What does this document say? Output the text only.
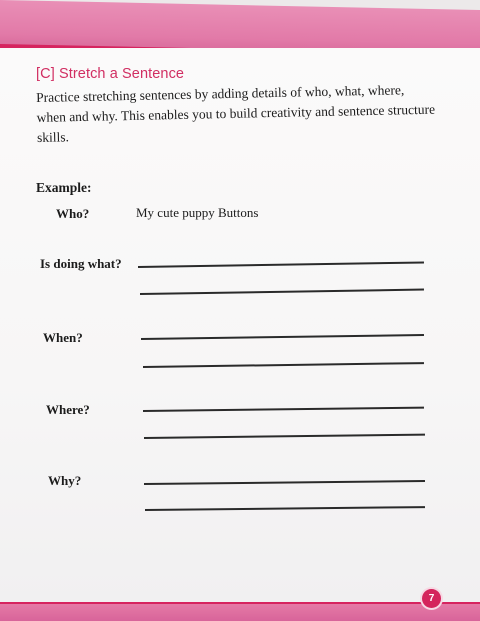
[C] Stretch a Sentence
Practice stretching sentences by adding details of who, what, where, when and why. This enables you to build creativity and sentence structure skills.
Example:
Who?	My cute puppy Buttons
Is doing what?
When?
Where?
Why?
7
